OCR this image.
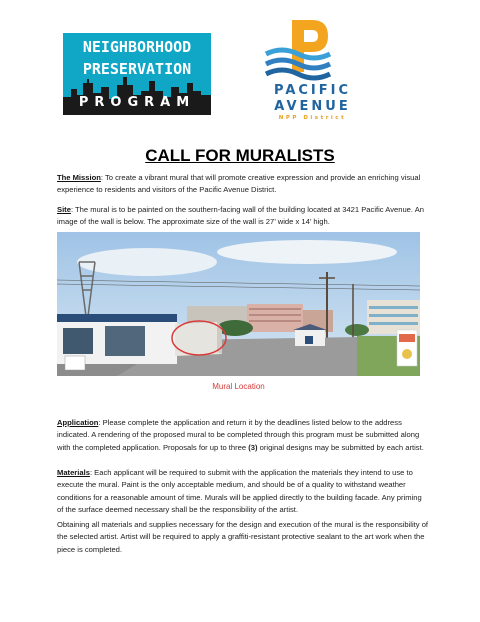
NEIGHBORHOOD
PRESERVATION
PROGRAM
PACIFIC
AVENUE
NPP District
CALL FOR MURALISTS
The Mission: To create a vibrant mural that will promote creative expression and provide an enriching visual experience to residents and visitors of the Pacific Avenue District.
Site: The mural is to be painted on the southern-facing wall of the building located at 3421 Pacific Avenue. An image of the wall is below. The approximate size of the wall is 27’ wide x 14’ high.
Mural Location
Application: Please complete the application and return it by the deadlines listed below to the address indicated. A rendering of the proposed mural to be completed through this program must be submitted along with the completed application. Proposals for up to three (3) original designs may be submitted by each artist.
Materials: Each applicant will be required to submit with the application the materials they intend to use to execute the mural. Paint is the only acceptable medium, and should be of a quality to withstand weather conditions for a reasonable amount of time. Murals will be applied directly to the building facade. Any priming of the surface deemed necessary shall be the responsibility of the artist.
Obtaining all materials and supplies necessary for the design and execution of the mural is the responsibility of the selected artist. Artist will be required to apply a graffiti-resistant protective sealant to the art work when the piece is completed.
